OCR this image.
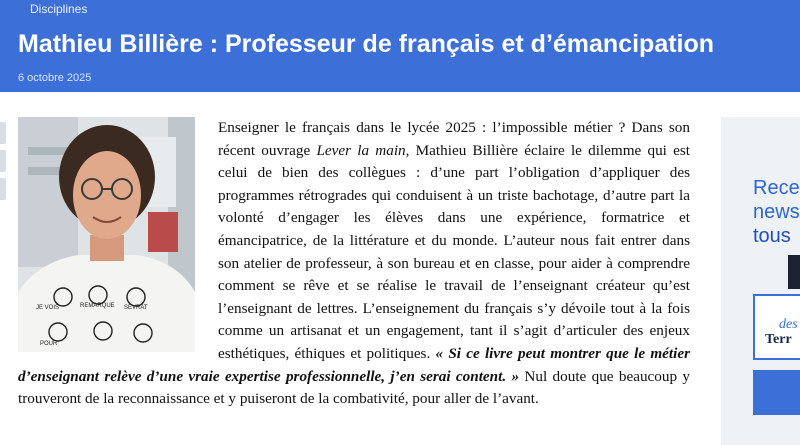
Disciplines
Mathieu Billière : Professeur de français et d’émancipation
6 octobre 2025
JE VOIS	REMARQUE SEVRAT
POUR

Enseigner le français dans le lycée 2025 : l’impossible métier ? Dans son récent ouvrage Lever la main, Mathieu Billière éclaire le dilemme qui est celui de bien des collègues : d’une part l’obligation d’appliquer des programmes rétrogrades qui conduisent à un triste bachotage, d’autre part la volonté d’engager les élèves dans une expérience, formatrice et émancipatrice, de la littérature et du monde. L’auteur nous fait entrer dans son atelier de professeur, à son bureau et en classe, pour aider à comprendre comment se rêve et se réalise le travail de l’enseignant créateur qu’est l’enseignant de lettres. L’enseignement du français s’y dévoile tout à la fois comme un artisanat et un engagement, tant il s’agit d’articuler des enjeux esthétiques, éthiques et politiques. « Si ce livre peut montrer que le métier d’enseignant relève d’une vraie expertise professionnelle, j’en serai content. » Nul doute que beaucoup y trouveront de la reconnaissance et y puiseront de la combativité, pour aller de l’avant.

Rece
news
tous
des
Terr
